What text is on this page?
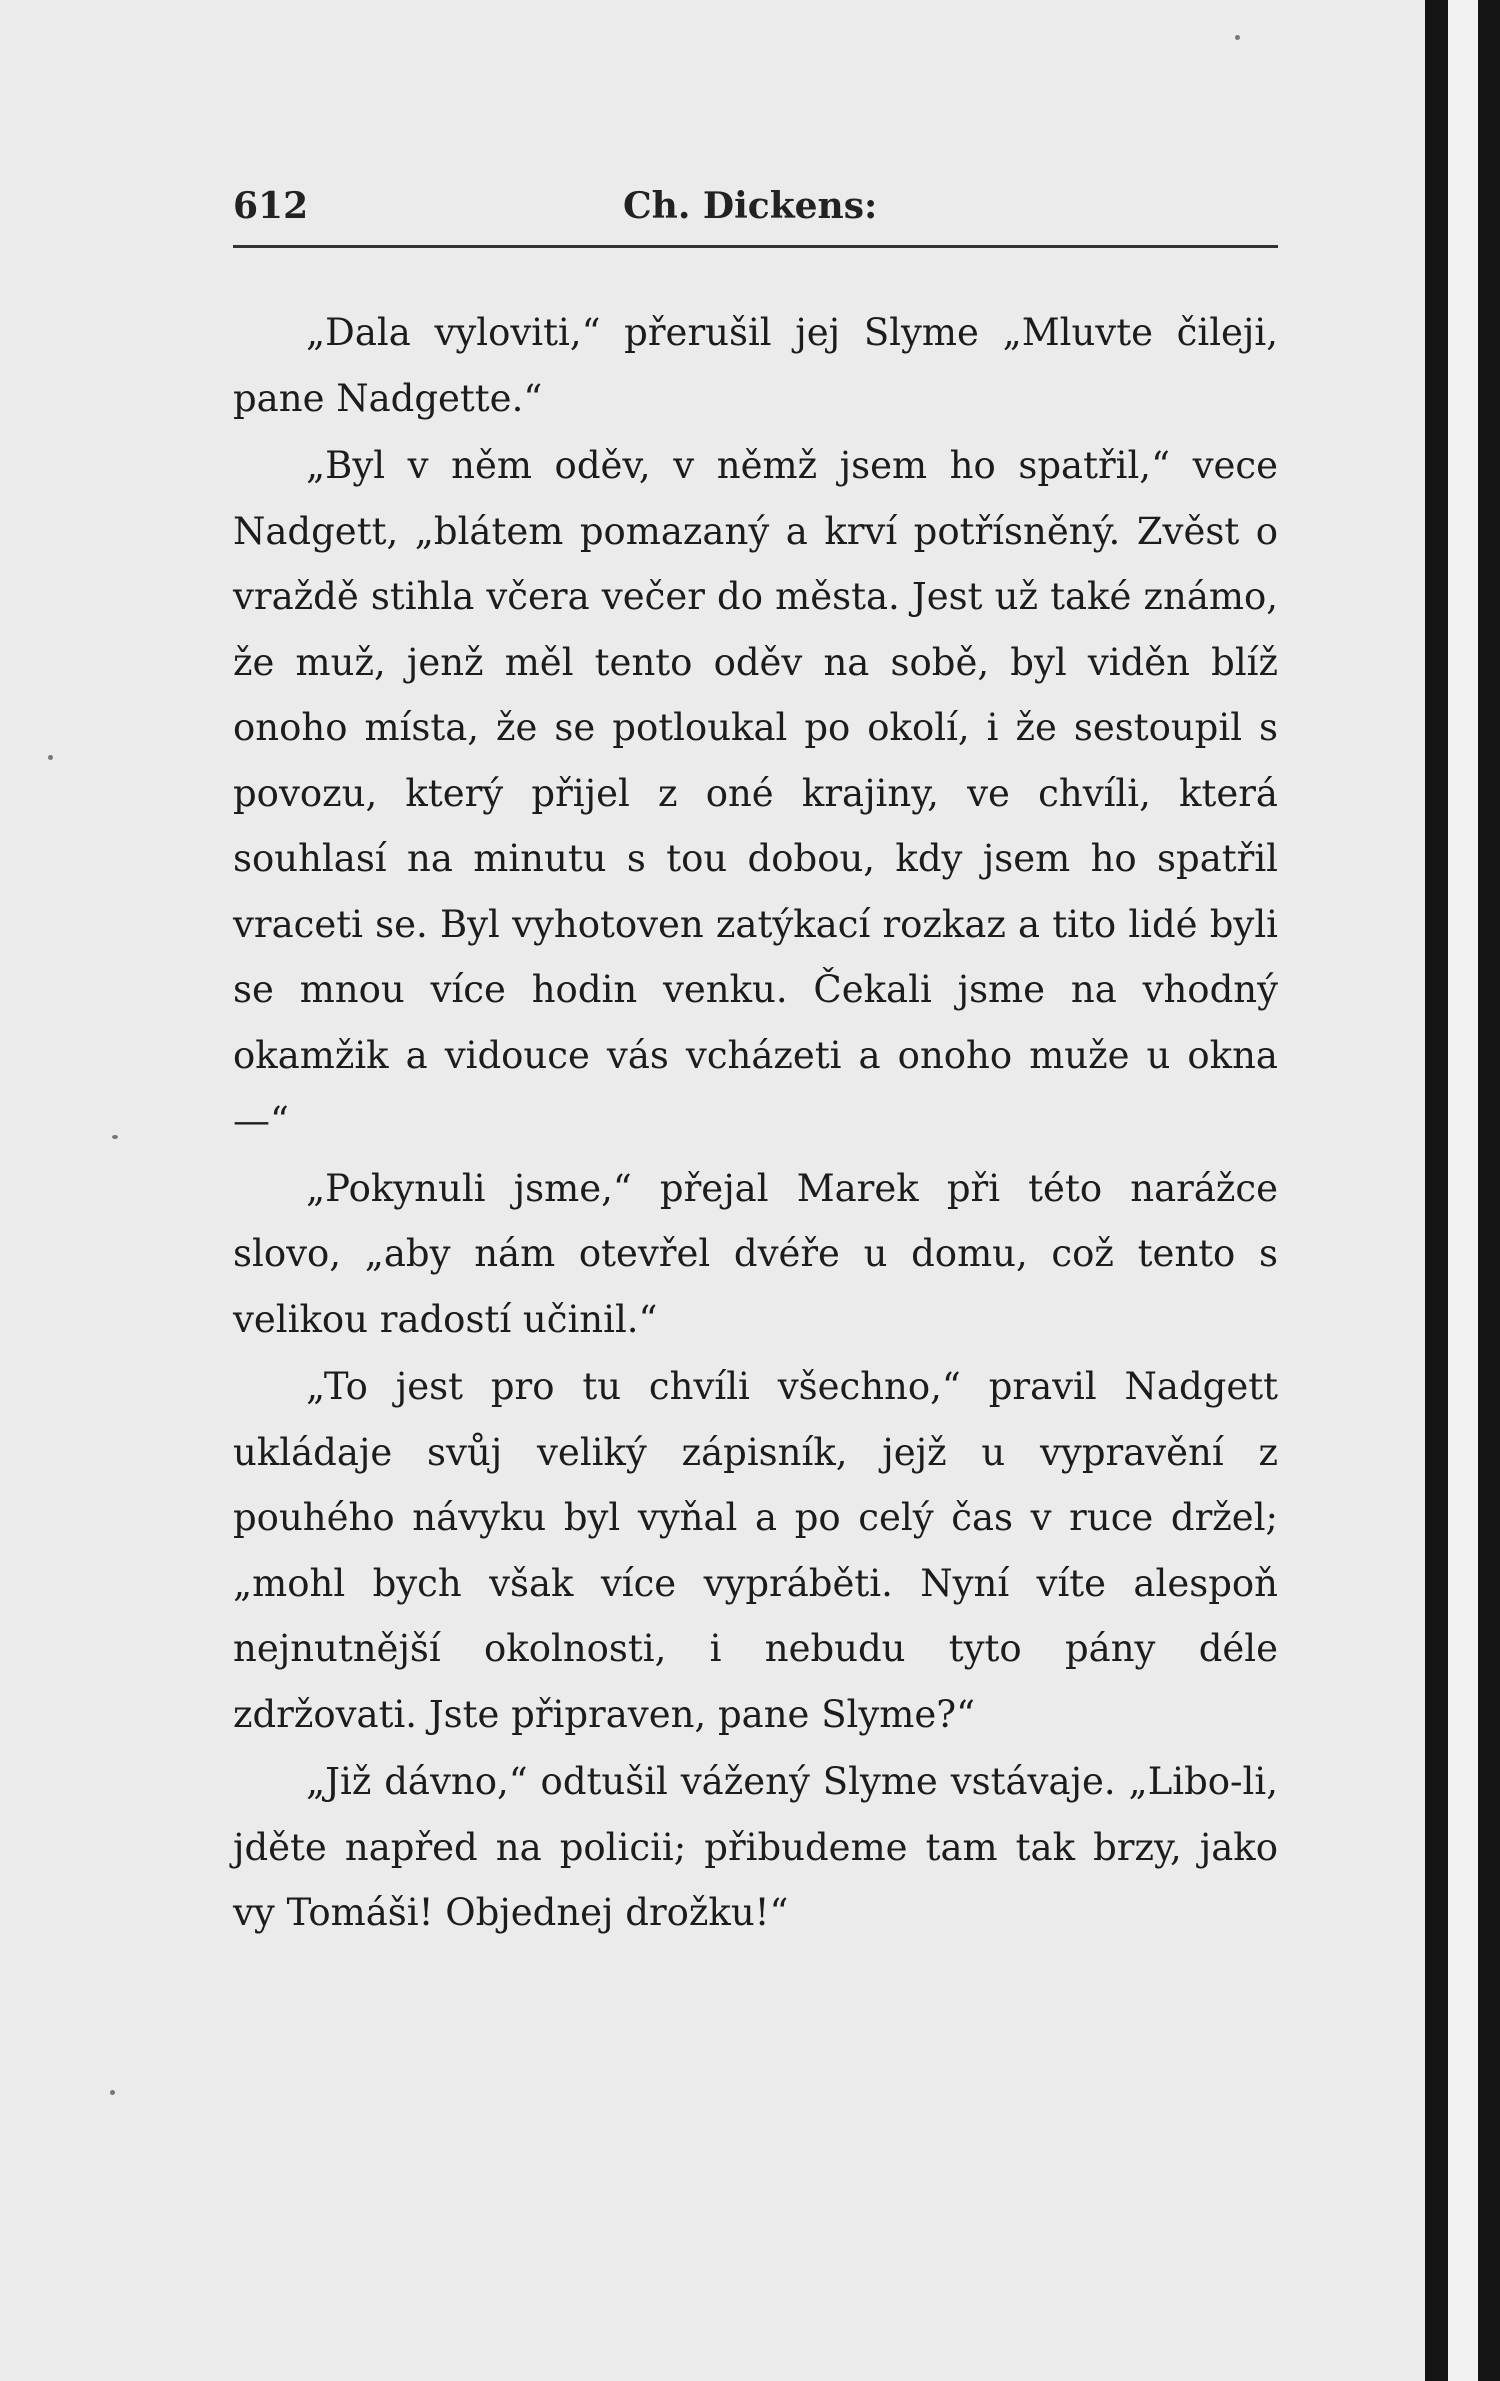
612	Ch. Dickens:

„Dala vyloviti,“ přerušil jej Slyme „Mluvte čileji, pane Nadgette.“

„Byl v něm oděv, v němž jsem ho spatřil,“ vece Nadgett, „blátem pomazaný a krví potřísněný. Zvěst o vraždě stihla včera večer do města. Jest už také známo, že muž, jenž měl tento oděv na sobě, byl viděn blíž onoho místa, že se potloukal po okolí, i že sestoupil s povozu, který přijel z oné krajiny, ve chvíli, která souhlasí na minutu s tou dobou, kdy jsem ho spatřil vraceti se. Byl vyhotoven zatýkací rozkaz a tito lidé byli se mnou více hodin venku. Čekali jsme na vhodný okamžik a vidouce vás vcházeti a onoho muže u okna —“

„Pokynuli jsme,“ přejal Marek při této narážce slovo, „aby nám otevřel dvéře u domu, což tento s velikou radostí učinil.“

„To jest pro tu chvíli všechno,“ pravil Nadgett ukládaje svůj veliký zápisník, jejž u vypravění z pouhého návyku byl vyňal a po celý čas v ruce držel; „mohl bych však více vypráběti. Nyní víte alespoň nejnutnější okolnosti, i nebudu tyto pány déle zdržovati. Jste připraven, pane Slyme?“

„Již dávno,“ odtušil vážený Slyme vstávaje. „Libo-li, jděte napřed na policii; přibudeme tam tak brzy, jako vy Tomáši! Objednej drožku!“
